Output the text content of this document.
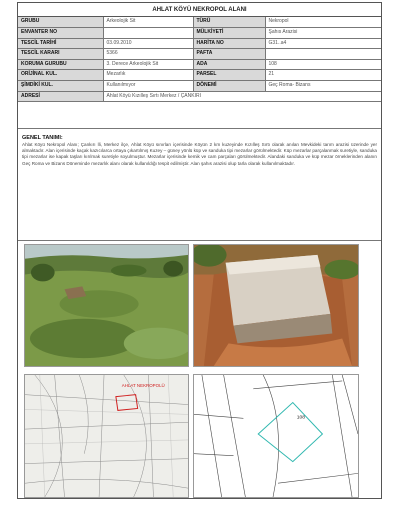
AHLAT KÖYÜ NEKROPOL ALANI
GRUBU	Arkeolojik Sit	TÜRÜ	Nekropol
ENVANTER NO		MÜLKİYETİ	Şahıs Arazisi
TESCİL TARİHİ	03.09.2010	HARİTA NO	G31..a4
TESCİL KARARI	5366	PAFTA	
KORUMA GURUBU	3. Derece Arkeolojik Sit	ADA	108
ORİJİNAL KUL.	Mezarlık	PARSEL	21
ŞİMDİKİ KUL.	Kullanılmıyor	DÖNEMİ	Geç Roma- Bizans
ADRESİ	Ahlat Köyü Kızılleş Sırtı Merkez / ÇANKIRI		
GENEL TANIMI:
Ahlat Köyü Nekropol Alanı; Çankırı İli, Merkez ilçe, Ahlat Köyü sınırları içerisinde Köyün 2 km kuzeyinde Kızılleş Sırtı olarak anılan Mevkideki tarım arazisi üzerinde yer almaktadır. Alan içerisinde kaçak kazıcılarca ortaya çıkartılmış Kuzey – güney yönlü küp ve sanduka tipi mezarlar görülmektedir. Küp mezarlar parçalanmak suretiyle, sanduka tipi mezarlar ise kapak taşları kırılmak suretiyle soyulmuştur. Mezarlar içerisinde kemik ve cam parçaları görülmektedir. Alandaki sanduka ve küp mezar örneklerinden alanın Geç Roma ve Bizans Döneminde mezarlık alanı olarak kullanıldığı tespit edilmiştir. Alan şahıs arazisi olup tarla olarak kullanılmaktadır.
AHLAT NEKROPOLÜ
108
